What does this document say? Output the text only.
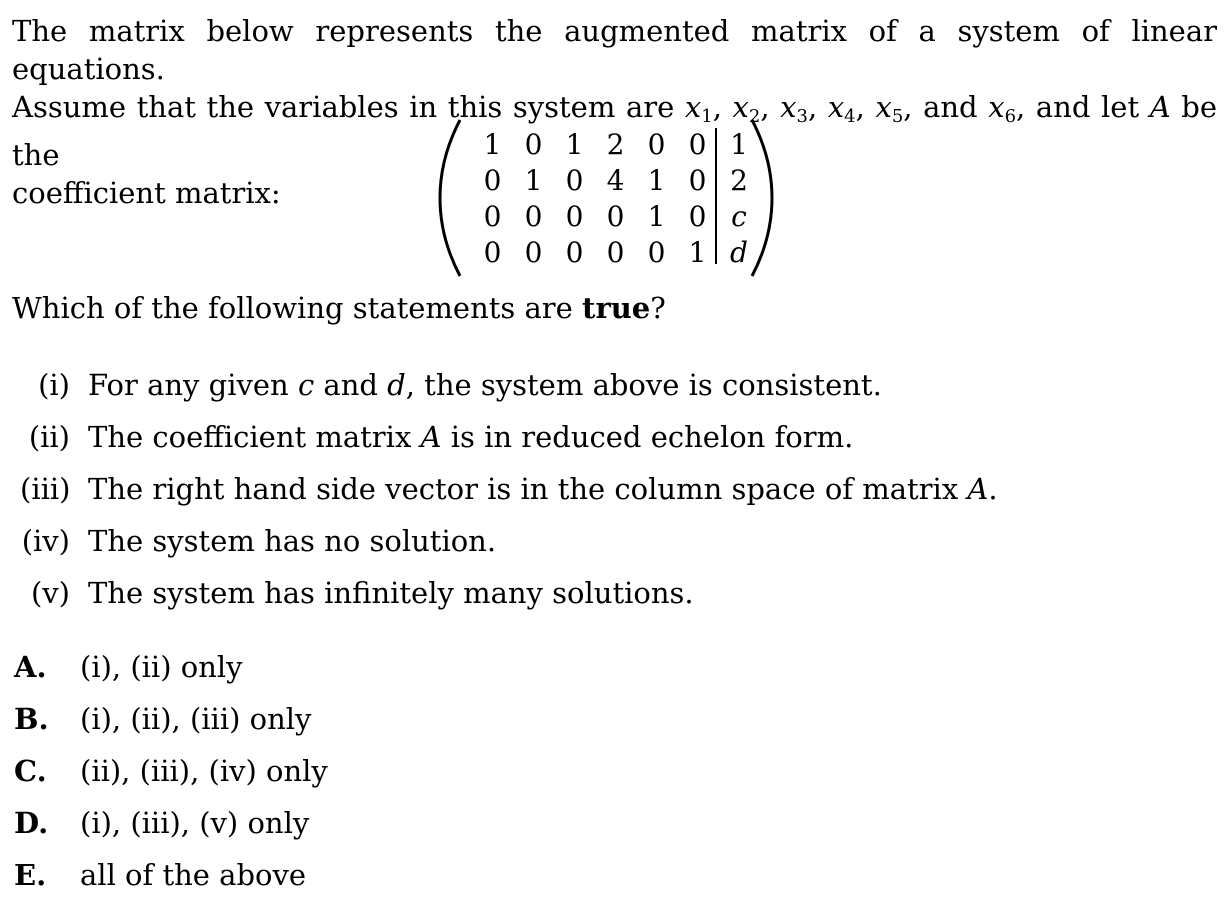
The matrix below represents the augmented matrix of a system of linear equations.
Assume that the variables in this system are $x_1$, $x_2$, $x_3$, $x_4$, $x_5$, and $x_6$, and let A be the
coefficient matrix:
1 0 1 2 0 0 1
0 1 0 4 1 0 2
0 0 0 0 1 0 c
0 0 0 0 0 1 d
Which of the following statements are true?
(i) For any given c and d, the system above is consistent.
(ii) The coefficient matrix A is in reduced echelon form.
(iii) The right hand side vector is in the column space of matrix A.
(iv) The system has no solution.
(v) The system has infinitely many solutions.
A. (i), (ii) only
B. (i), (ii), (iii) only
C. (ii), (iii), (iv) only
D. (i), (iii), (v) only
E. all of the above
